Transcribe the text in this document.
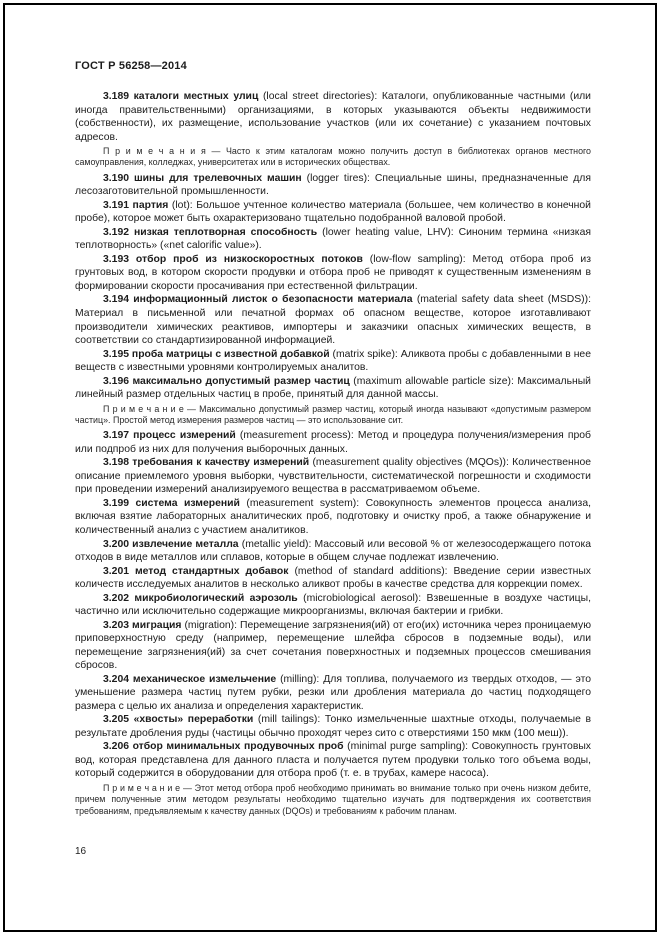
ГОСТ Р 56258—2014

3.189 каталоги местных улиц (local street directories): Каталоги, опубликованные частными (или иногда правительственными) организациями, в которых указываются объекты недвижимости (собственности), их размещение, использование участков (или их сочетание) с указанием почтовых адресов.

П р и м е ч а н и я — Часто к этим каталогам можно получить доступ в библиотеках органов местного самоуправления, колледжах, университетах или в исторических обществах.

3.190 шины для трелевочных машин (logger tires): Специальные шины, предназначенные для лесозаготовительной промышленности.

3.191 партия (lot): Большое учтенное количество материала (большее, чем количество в конечной пробе), которое может быть охарактеризовано тщательно подобранной валовой пробой.

3.192 низкая теплотворная способность (lower heating value, LHV): Синоним термина «низкая теплотворность» («net calorific value»).

3.193 отбор проб из низкоскоростных потоков (low-flow sampling): Метод отбора проб из грунтовых вод, в котором скорости продувки и отбора проб не приводят к существенным изменениям в формировании скорости просачивания при естественной фильтрации.

3.194 информационный листок о безопасности материала (material safety data sheet (MSDS)): Материал в письменной или печатной формах об опасном веществе, которое изготавливают производители химических реактивов, импортеры и заказчики опасных химических веществ, в соответствии со стандартизированной информацией.

3.195 проба матрицы с известной добавкой (matrix spike): Аликвота пробы с добавленными в нее веществ с известными уровнями контролируемых аналитов.

3.196 максимально допустимый размер частиц (maximum allowable particle size): Максимальный линейный размер отдельных частиц в пробе, принятый для данной массы.

П р и м е ч а н и е — Максимально допустимый размер частиц, который иногда называют «допустимым размером частиц». Простой метод измерения размеров частиц — это использование сит.

3.197 процесс измерений (measurement process): Метод и процедура получения/измерения проб или подпроб из них для получения выборочных данных.

3.198 требования к качеству измерений (measurement quality objectives (MQOs)): Количественное описание приемлемого уровня выборки, чувствительности, систематической погрешности и сходимости при проведении измерений анализируемого вещества в рассматриваемом объеме.

3.199 система измерений (measurement system): Совокупность элементов процесса анализа, включая взятие лабораторных аналитических проб, подготовку и очистку проб, а также обнаружение и количественный анализ с участием аналитиков.

3.200 извлечение металла (metallic yield): Массовый или весовой % от железосодержащего потока отходов в виде металлов или сплавов, которые в общем случае подлежат извлечению.

3.201 метод стандартных добавок (method of standard additions): Введение серии известных количеств исследуемых аналитов в несколько аликвот пробы в качестве средства для коррекции помех.

3.202 микробиологический аэрозоль (microbiological aerosol): Взвешенные в воздухе частицы, частично или исключительно содержащие микроорганизмы, включая бактерии и грибки.

3.203 миграция (migration): Перемещение загрязнения(ий) от его(их) источника через проницаемую приповерхностную среду (например, перемещение шлейфа сбросов в подземные воды), или перемещение загрязнения(ий) за счет сочетания поверхностных и подземных процессов смешивания сбросов.

3.204 механическое измельчение (milling): Для топлива, получаемого из твердых отходов, — это уменьшение размера частиц путем рубки, резки или дробления материала до частиц подходящего размера с целью их анализа и определения характеристик.

3.205 «хвосты» переработки (mill tailings): Тонко измельченные шахтные отходы, получаемые в результате дробления руды (частицы обычно проходят через сито с отверстиями 150 мкм (100 меш)).

3.206 отбор минимальных продувочных проб (minimal purge sampling): Совокупность грунтовых вод, которая представлена для данного пласта и получается путем продувки только того объема воды, который содержится в оборудовании для отбора проб (т. е. в трубах, камере насоса).

П р и м е ч а н и е — Этот метод отбора проб необходимо принимать во внимание только при очень низком дебите, причем полученные этим методом результаты необходимо тщательно изучать для подтверждения их соответствия требованиям, предъявляемым к качеству данных (DQOs) и требованиям к рабочим планам.

16
